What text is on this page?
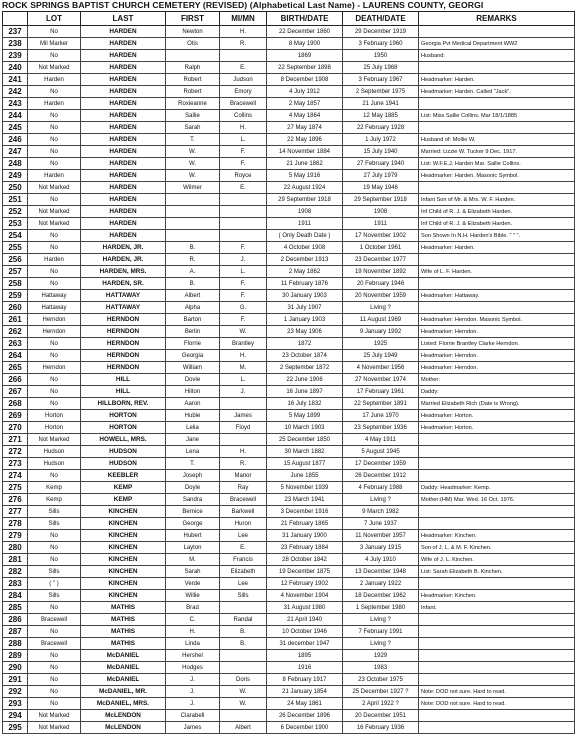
ROCK SPRINGS BAPTIST CHURCH CEMETERY (REVISED) (Alphabetical Last Name) - LAURENS COUNTY, GEORGI
	LOT	LAST	FIRST	MI/MN	BIRTH/DATE	DEATH/DATE	REMARKS
237	No	HARDEN	Newton	H.	22 December 1860	29 December 1919	
238	Mil Marker	HARDEN	Otis	R.	8 May 1900	3 February 1960	Georgia Pvt Medical Department WW2
239	No	HARDEN			1869	1950	Husband:
240	Not Marked	HARDEN	Ralph	E.	22 September 1898	25 July 1968	
241	Harden	HARDEN	Robert	Judson	8 December 1908	3 February 1967	Headmarker: Harden.
242	No	HARDEN	Robert	Emory	4 July 1912	2 September 1975	Headmarker: Harden. Called "Jack".
243	Harden	HARDEN	Roxieanne	Bracewell	2 May 1857	21 June 1941	
244	No	HARDEN	Sallie	Collins	4 May 1864	12 May 1885	List: Miss Sallie Collins. Mar 18/1/1885
245	No	HARDEN	Sarah	H.	27 May 1874	22 February 1928	
246	No	HARDEN	T.	L.	22 May 1896	1 July 1972	Husband of: Mollie W.
247	No	HARDEN	W.	F.	14 November 1884	15 July 1940	Married: Lizzie W. Tucker 9 Dec. 1917.
248	No	HARDEN	W.	F.	21 June 1862	27 February 1940	List: W.F.E.J. Harden Mar. Sallie Collins.
249	Harden	HARDEN	W.	Royce	5 May 1916	27 July 1979	Headmarker: Harden. Masonic Symbol.
250	Not Marked	HARDEN	Wilmer	E.	22 August 1924	19 May 1946	
251	No	HARDEN			29 September 1918	29 September 1918	Infant Son of Mr. & Mrs. W. F. Harden.
252	Not Marked	HARDEN			1908	1908	Inf Child of R. J. & Elizabeth Harden.
253	Not Marked	HARDEN			1911	1911	Inf Child of R. J. & Elizabeth Harden.
254	No	HARDEN			( Only Death Date )	17 November 1902	Son Shown In N.H. Harden's Bible. " " ".
255	No	HARDEN, JR.	B.	F.	4 October 1908	1 October 1961	Headmarker: Harden.
256	Harden	HARDEN, JR.	R.	J.	2 December 1913	23 December 1977	
257	No	HARDEN, MRS.	A.	L.	2 May 1862	19 November 1892	Wife of L. F. Harden.
258	No	HARDEN, SR.	B.	F.	11 February 1876	20 February 1946	
259	Hattaway	HATTAWAY	Albert	F.	30 January 1903	20 November 1959	Headmarker: Hattaway.
260	Hattaway	HATTAWAY	Alpha	G.	31 July 1907	Living ?	
261	Herndon	HERNDON	Barton	F.	1 January 1903	11 August 1969	Headmarker: Herndon. Masonic Symbol.
262	Herndon	HERNDON	Berlin	W.	23 May 1906	9 January 1992	Headmarker: Herndon.
263	No	HERNDON	Florrie	Brantley	1872	1925	Listed: Florrie Brantley Clarke Herndon.
264	No	HERNDON	Georgia	H.	23 October 1874	25 July 1949	Headmarker: Herndon.
265	Herndon	HERNDON	William	M.	2 September 1872	4 November 1956	Headmarker: Herndon.
266	No	HILL	Dovie	L.	22 June 1906	27 November 1974	Mother:
267	No	HILL	Hilton	J.	16 June 1897	17 February 1961	Daddy:
268	No	HILLBORN, REV.	Aaron		16 July 1832	22 September 1891	Married Elizabeth Rich (Date is Wrong).
269	Horton	HORTON	Hubie	James	5 May 1899	17 June 1970	Headmarker: Horton.
270	Horton	HORTON	Lelia	Floyd	10 March 1903	23 September 1936	Headmarker: Horton.
271	Not Marked	HOWELL, MRS.	Jane		25 December 1850	4 May 1911	
272	Hudson	HUDSON	Lena	H.	30 March 1882	5 August 1945	
273	Hudson	HUDSON	T.	R.	15 August 1877	17 December 1959	
274	No	KEEBLER	Joseph	Manor	June 1855	26 December 1912	
275	Kemp	KEMP	Doyle	Ray	5 November 1939	4 February 1988	Daddy: Headmarker: Kemp.
276	Kemp	KEMP	Sandra	Bracewell	23 March 1941	Living ?	Mother:(HM) Mar. Wed. 16 Oct. 1976.
277	Sills	KINCHEN	Bernice	Barkwell	3 December 1916	9 March 1982	
278	Sills	KINCHEN	George	Huron	21 February 1865	7 June 1937	
279	No	KINCHEN	Hubert	Lee	31 January 1900	11 November 1957	Headmarker: Kinchen.
280	No	KINCHEN	Layton	E.	23 February 1884	3 January 1915	Son of J. L. & M. F. Kinchen.
281	No	KINCHEN	M.	Francis	28 October 1842	4 July 1910	Wife of J. L. Kinchen.
282	Sills	KINCHEN	Sarah	Elizabeth	19 December 1875	13 December 1948	List: Sarah Elizabeth B. Kinchen.
283	( " )	KINCHEN	Verde	Lee	12 February 1902	2 January 1922	
284	Sills	KINCHEN	Willie	Sills	4 November 1904	18 December 1962	Headmarker: Kinchen.
285	No	MATHIS	Brad		31 August 1980	1 September 1980	Infant.
286	Bracewell	MATHIS	C.	Randal	21 April 1940	Living ?	
287	No	MATHIS	H.	B.	10 October 1946	7 February 1991	
288	Bracewell	MATHIS	Linda	B.	31 december 1947	Living ?	
289	No	McDANIEL	Hershel		1895	1929	
290	No	McDANIEL	Hodges		1916	1983	
291	No	McDANIEL	J.	Doris	8 February 1917	23 October 1975	
292	No	McDANIEL, MR.	J.	W.	21 January 1854	25 December 1927 ?	Note: DOD not sure. Hard to read.
293	No	McDANIEL, MRS.	J.	W.	24 May 1861	2 April 1922 ?	Note: DOD not sure. Hard to read.
294	Not Marked	McLENDON	Clarabell		26 December 1896	20 December 1951	
295	Not Marked	McLENDON	James	Albert	6 December 1900	16 February 1936	
